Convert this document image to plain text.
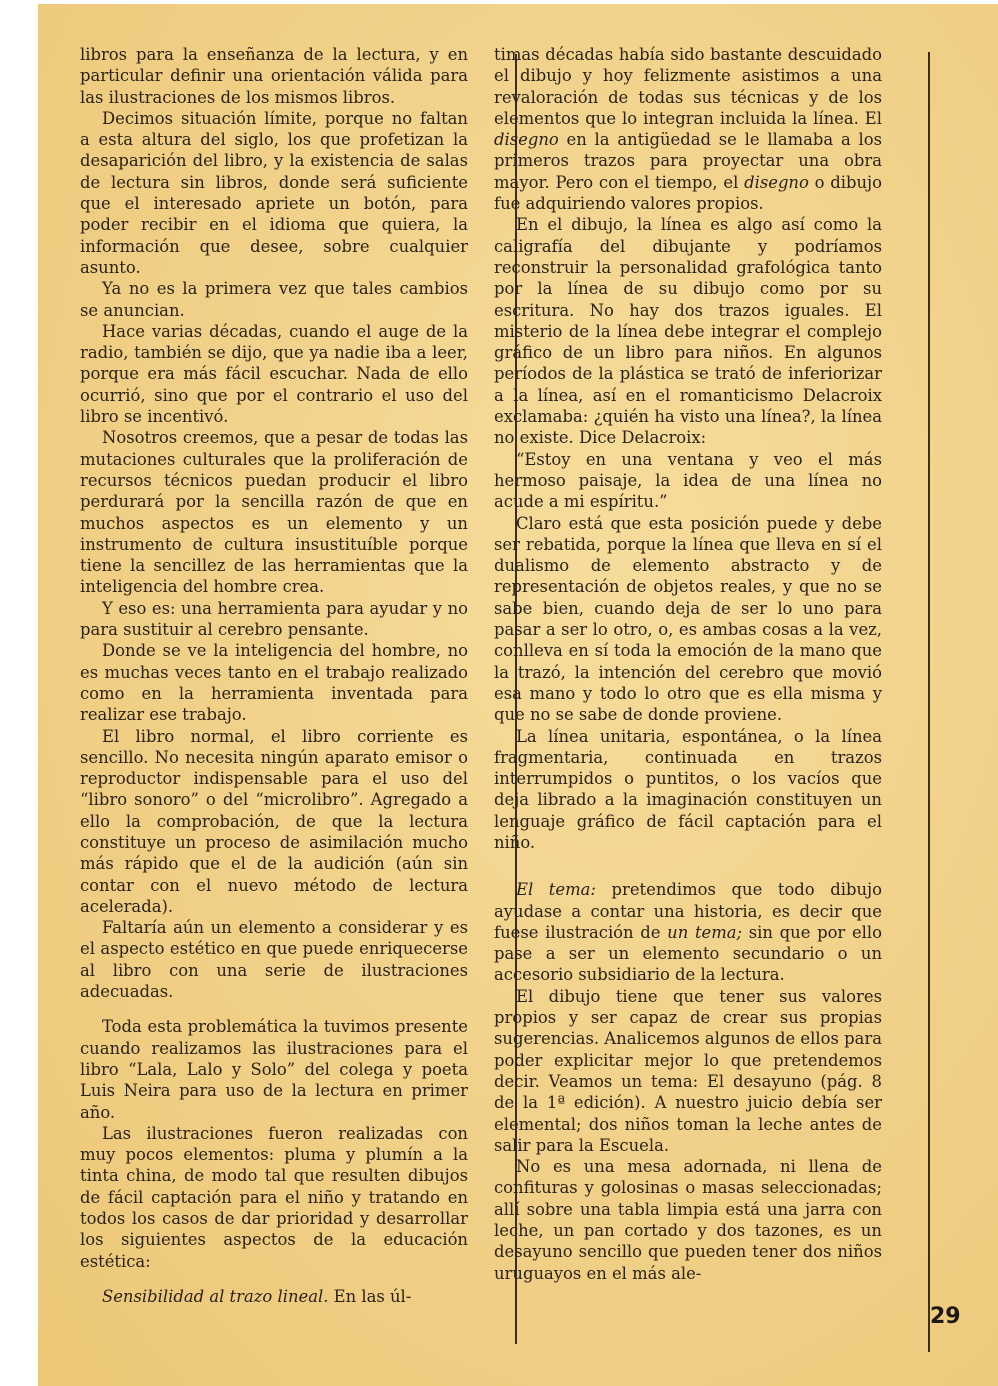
libros para la enseñanza de la lectura, y en particular definir una orientación válida para las ilustraciones de los mismos libros.

Decimos situación límite, porque no faltan a esta altura del siglo, los que profetizan la desaparición del libro, y la existencia de salas de lectura sin libros, donde será suficiente que el interesado apriete un botón, para poder recibir en el idioma que quiera, la información que desee, sobre cualquier asunto.

Ya no es la primera vez que tales cambios se anuncian.

Hace varias décadas, cuando el auge de la radio, también se dijo, que ya nadie iba a leer, porque era más fácil escuchar. Nada de ello ocurrió, sino que por el contrario el uso del libro se incentivó.

Nosotros creemos, que a pesar de todas las mutaciones culturales que la proliferación de recursos técnicos puedan producir el libro perdurará por la sencilla razón de que en muchos aspectos es un elemento y un instrumento de cultura insustituíble porque tiene la sencillez de las herramientas que la inteligencia del hombre crea.

Y eso es: una herramienta para ayudar y no para sustituir al cerebro pensante.

Donde se ve la inteligencia del hombre, no es muchas veces tanto en el trabajo realizado como en la herramienta inventada para realizar ese trabajo.

El libro normal, el libro corriente es sencillo. No necesita ningún aparato emisor o reproductor indispensable para el uso del “libro sonoro” o del “microlibro”. Agregado a ello la comprobación, de que la lectura constituye un proceso de asimilación mucho más rápido que el de la audición (aún sin contar con el nuevo método de lectura acelerada).

Faltaría aún un elemento a considerar y es el aspecto estético en que puede enriquecerse al libro con una serie de ilustraciones adecuadas.

Toda esta problemática la tuvimos presente cuando realizamos las ilustraciones para el libro “Lala, Lalo y Solo” del colega y poeta Luis Neira para uso de la lectura en primer año.

Las ilustraciones fueron realizadas con muy pocos elementos: pluma y plumín a la tinta china, de modo tal que resulten dibujos de fácil captación para el niño y tratando en todos los casos de dar prioridad y desarrollar los siguientes aspectos de la educación estética:

Sensibilidad al trazo lineal. En las úl-

timas décadas había sido bastante descuidado el dibujo y hoy felizmente asistimos a una revaloración de todas sus técnicas y de los elementos que lo integran incluida la línea. El disegno en la antigüedad se le llamaba a los primeros trazos para proyectar una obra mayor. Pero con el tiempo, el disegno o dibujo fue adquiriendo valores propios.

En el dibujo, la línea es algo así como la caligrafía del dibujante y podríamos reconstruir la personalidad grafológica tanto por la línea de su dibujo como por su escritura. No hay dos trazos iguales. El misterio de la línea debe integrar el complejo gráfico de un libro para niños. En algunos períodos de la plástica se trató de inferiorizar a la línea, así en el romanticismo Delacroix exclamaba: ¿quién ha visto una línea?, la línea no existe. Dice Delacroix:

“Estoy en una ventana y veo el más hermoso paisaje, la idea de una línea no acude a mi espíritu.”

Claro está que esta posición puede y debe ser rebatida, porque la línea que lleva en sí el dualismo de elemento abstracto y de representación de objetos reales, y que no se sabe bien, cuando deja de ser lo uno para pasar a ser lo otro, o, es ambas cosas a la vez, conlleva en sí toda la emoción de la mano que la trazó, la intención del cerebro que movió esa mano y todo lo otro que es ella misma y que no se sabe de donde proviene.

La línea unitaria, espontánea, o la línea fragmentaria, continuada en trazos interrumpidos o puntitos, o los vacíos que deja librado a la imaginación constituyen un lenguaje gráfico de fácil captación para el niño.

El tema: pretendimos que todo dibujo ayudase a contar una historia, es decir que fuese ilustración de un tema; sin que por ello pase a ser un elemento secundario o un accesorio subsidiario de la lectura.

El dibujo tiene que tener sus valores propios y ser capaz de crear sus propias sugerencias. Analicemos algunos de ellos para poder explicitar mejor lo que pretendemos decir. Veamos un tema: El desayuno (pág. 8 de la 1ª edición). A nuestro juicio debía ser elemental; dos niños toman la leche antes de salir para la Escuela.

No es una mesa adornada, ni llena de confituras y golosinas o masas seleccionadas; allí sobre una tabla limpia está una jarra con leche, un pan cortado y dos tazones, es un desayuno sencillo que pueden tener dos niños uruguayos en el más ale-

29
